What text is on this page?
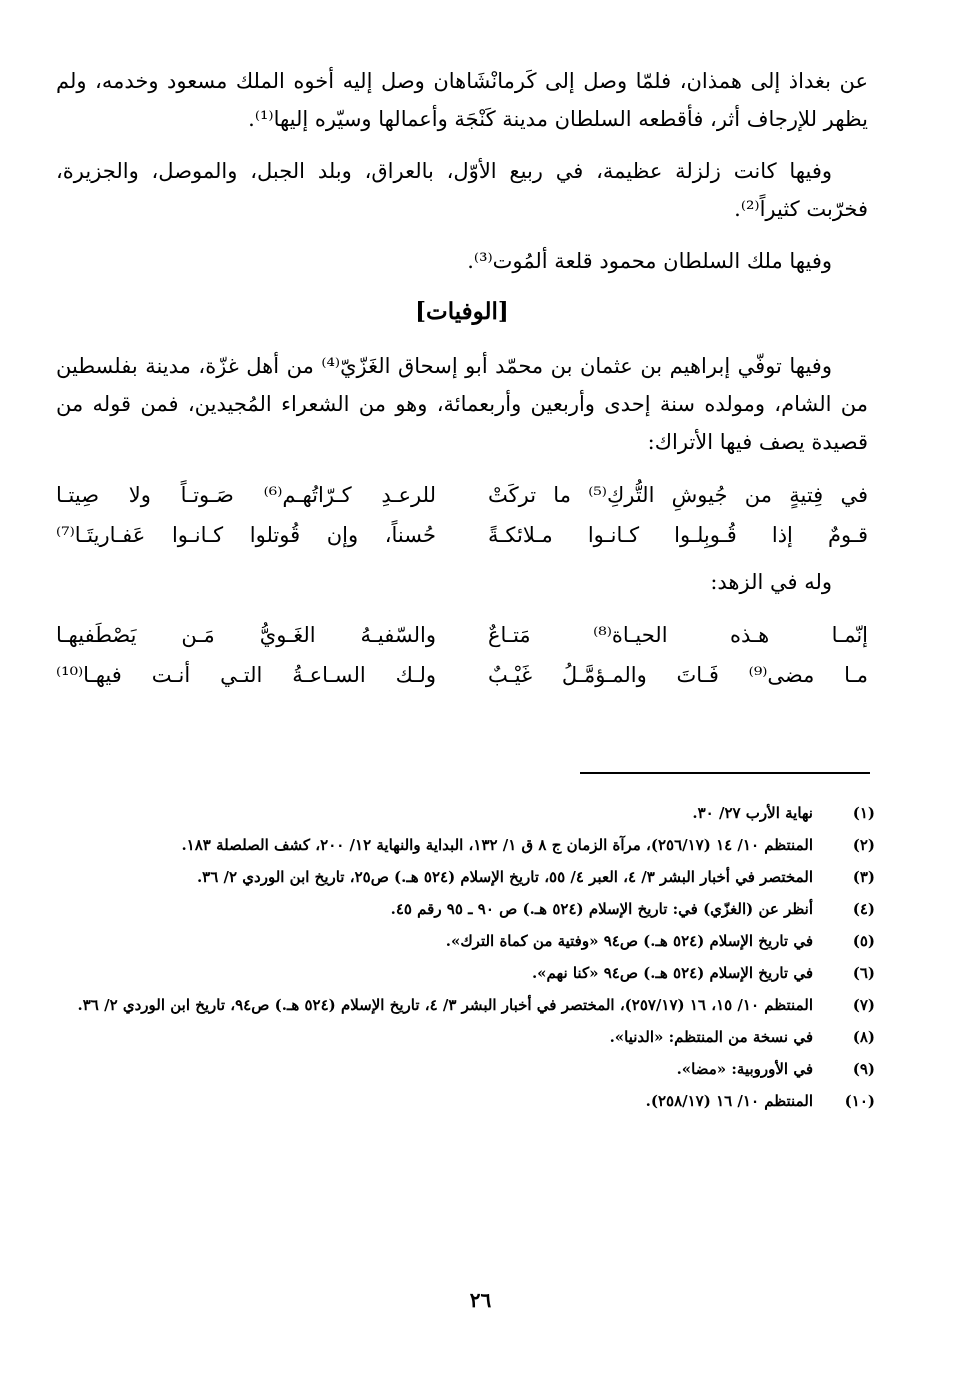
عن بغداذ إلى همذان، فلمّا وصل إلى كَرمانْشَاهان وصل إليه أخوه الملك مسعود وخدمه، ولم يظهر للإرجاف أثر، فأقطعه السلطان مدينة كَنْجَة وأعمالها وسيّره إليها⁽¹⁾.

وفيها كانت زلزلة عظيمة، في ربيع الأوّل، بالعراق، وبلد الجبل، والموصل، والجزيرة، فخرّبت كثيراً⁽²⁾.

وفيها ملك السلطان محمود قلعة ألمُوت⁽³⁾.

[الوفيات]

وفيها توفّي إبراهيم بن عثمان بن محمّد أبو إسحاق الغَزّيّ⁽⁴⁾ من أهل غزّة، مدينة بفلسطين من الشام، ومولده سنة إحدى وأربعين وأربعمائة، وهو من الشعراء المُجيدين، فمن قوله من قصيدة يصف فيها الأتراك:

في فِتيةٍ من جُيوشِ التُّركِ⁽⁵⁾ ما تركَتْ
للرعـدِ كـرّاتُهـم⁽⁶⁾ صَـوتـاً ولا صِيتـا
قـومٌ إذا قُـوبِلـوا كـانـوا مـلائكـةً
حُسناً، وإن قُوتلوا كـانـوا عَفـاريتَـا⁽⁷⁾

وله في الزهد:

إنّمـا هـذه الحيـاة⁽⁸⁾ مَتـاعٌ
والسّفيـهُ الغَـويُّ مَـن يَصْطَفيهـا
مـا مضى⁽⁹⁾ فَـاتَ والمـؤمَّـلُ غَيْـبٌ
ولـك السـاعـةُ التـي أنـت فيهـا⁽¹⁰⁾
(١)
نهاية الأرب ٢٧/ ٣٠.
(٢)
المنتظم ١٠/ ١٤ (٢٥٦/١٧)، مرآة الزمان ج ٨ ق ١/ ١٣٢، البداية والنهاية ١٢/ ٢٠٠، كشف الصلصلة ١٨٣.
(٣)
المختصر في أخبار البشر ٣/ ٤، العبر ٤/ ٥٥، تاريخ الإسلام (٥٢٤ هـ.) ص٢٥، تاريخ ابن الوردي ٢/ ٣٦.
(٤)
أنظر عن (الغزّي) في: تاريخ الإسلام (٥٢٤ هـ.) ص ٩٠ ـ ٩٥ رقم ٤٥.
(٥)
في تاريخ الإسلام (٥٢٤ هـ.) ص٩٤ «وفتية من كماة الترك».
(٦)
في تاريخ الإسلام (٥٢٤ هـ.) ص٩٤ «كنا نهم».
(٧)
المنتظم ١٠/ ١٥، ١٦ (٢٥٧/١٧)، المختصر في أخبار البشر ٣/ ٤، تاريخ الإسلام (٥٢٤ هـ.) ص٩٤، تاريخ ابن الوردي ٢/ ٣٦.
(٨)
في نسخة من المنتظم: «الدنيا».
(٩)
في الأوروبية: «مضا».
(١٠)
المنتظم ١٠/ ١٦ (٢٥٨/١٧).
٢٦
